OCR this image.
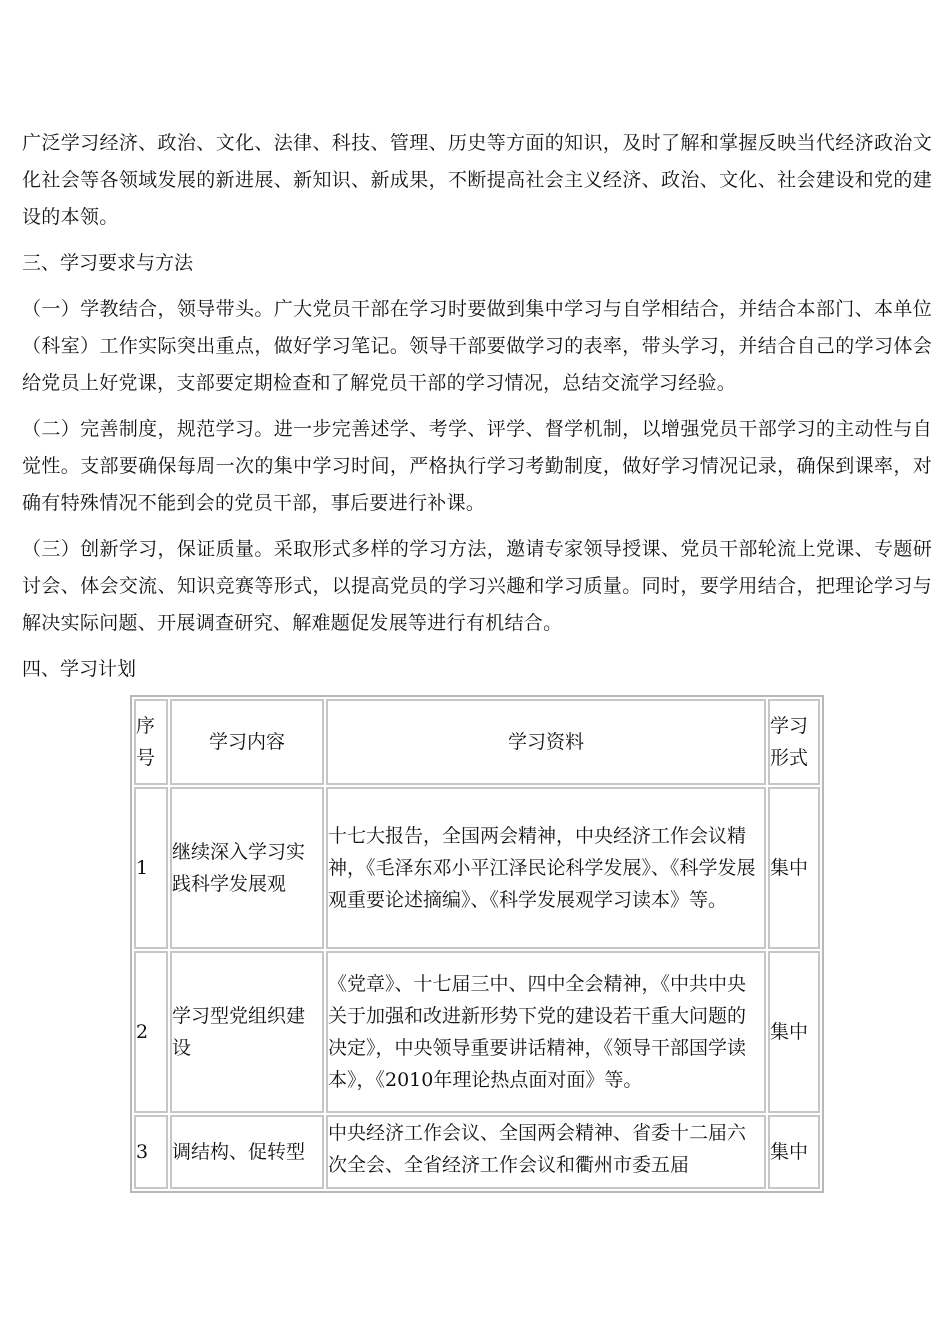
广泛学习经济、政治、文化、法律、科技、管理、历史等方面的知识，及时了解和掌握反映当代经济政治文化社会等各领域发展的新进展、新知识、新成果，不断提高社会主义经济、政治、文化、社会建设和党的建设的本领。

三、学习要求与方法

（一）学教结合，领导带头。广大党员干部在学习时要做到集中学习与自学相结合，并结合本部门、本单位（科室）工作实际突出重点，做好学习笔记。领导干部要做学习的表率，带头学习，并结合自己的学习体会给党员上好党课，支部要定期检查和了解党员干部的学习情况，总结交流学习经验。

（二）完善制度，规范学习。进一步完善述学、考学、评学、督学机制，以增强党员干部学习的主动性与自觉性。支部要确保每周一次的集中学习时间，严格执行学习考勤制度，做好学习情况记录，确保到课率，对确有特殊情况不能到会的党员干部，事后要进行补课。

（三）创新学习，保证质量。采取形式多样的学习方法，邀请专家领导授课、党员干部轮流上党课、专题研讨会、体会交流、知识竞赛等形式，以提高党员的学习兴趣和学习质量。同时，要学用结合，把理论学习与解决实际问题、开展调查研究、解难题促发展等进行有机结合。

四、学习计划

序号	学习内容	学习资料	学习形式
1	继续深入学习实践科学发展观	十七大报告，全国两会精神，中央经济工作会议精神，《毛泽东邓小平江泽民论科学发展》、《科学发展观重要论述摘编》、《科学发展观学习读本》等。	集中
2	学习型党组织建设	《党章》、十七届三中、四中全会精神，《中共中央关于加强和改进新形势下党的建设若干重大问题的决定》，中央领导重要讲话精神，《领导干部国学读本》，《2010年理论热点面对面》等。	集中
3	调结构、促转型	中央经济工作会议、全国两会精神、省委十二届六次全会、全省经济工作会议和衢州市委五届	集中
